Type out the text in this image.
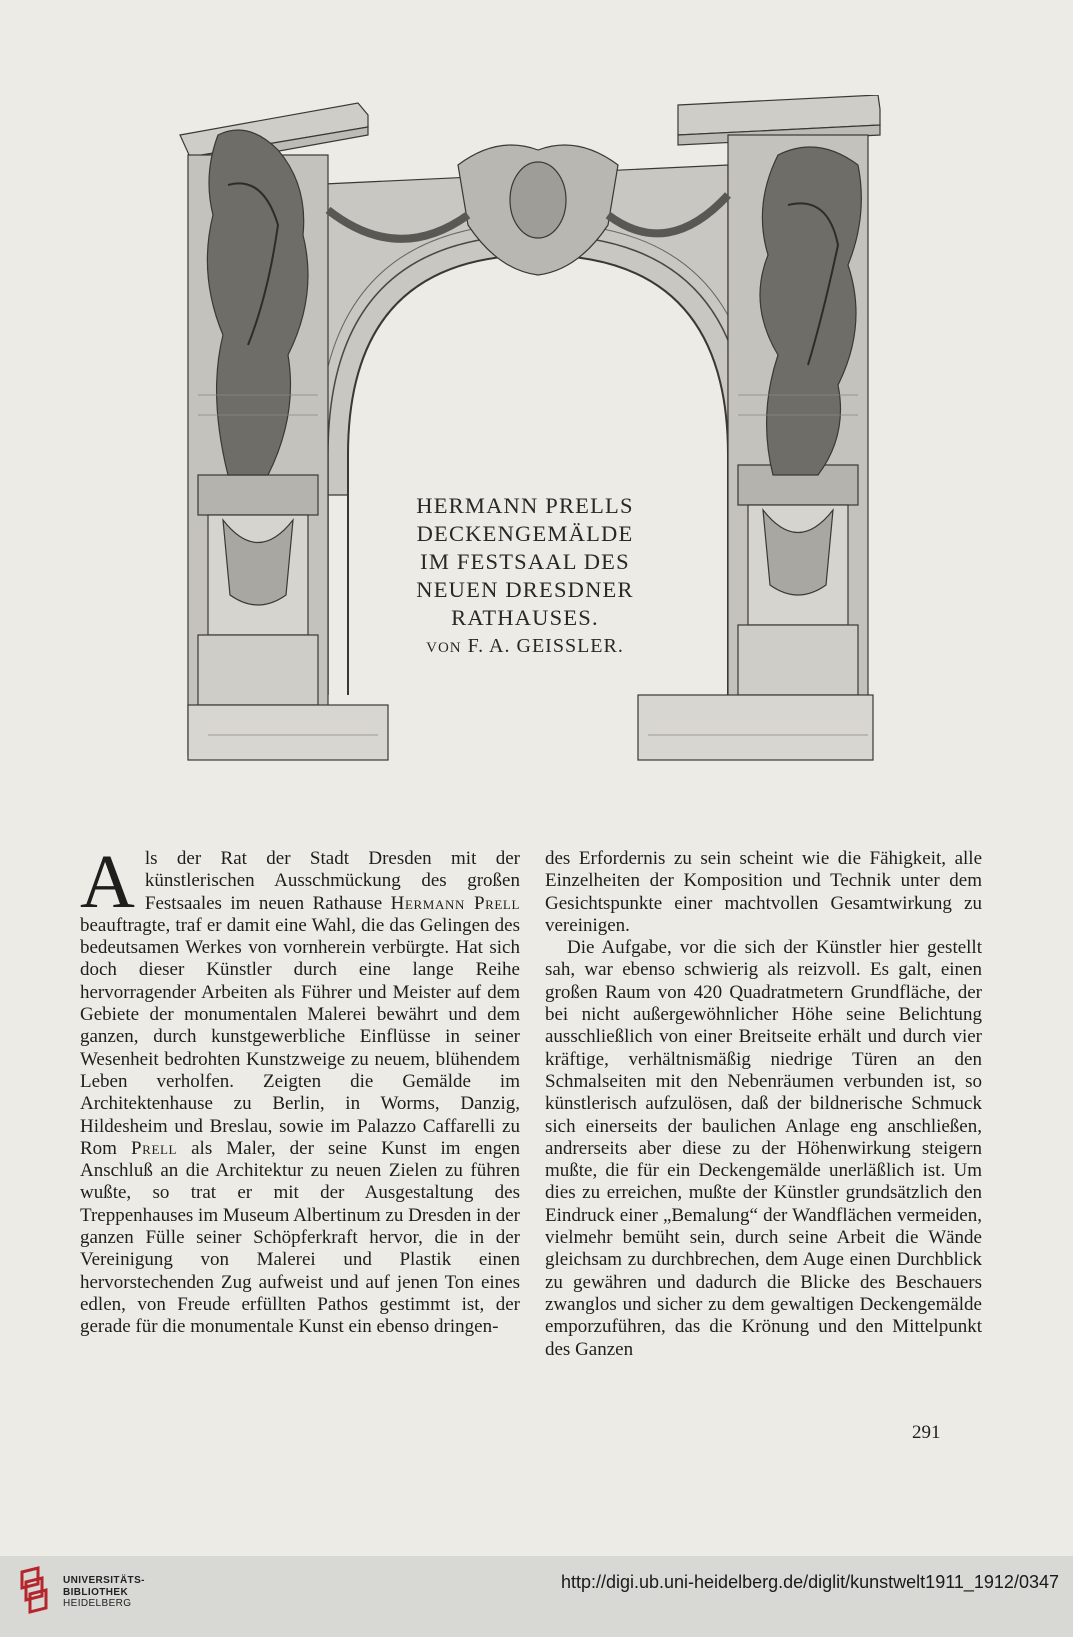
HERMANN PRELLS
DECKENGEMÄLDE
IM FESTSAAL DES
NEUEN DRESDNER
RATHAUSES.
VON F. A. GEISSLER.

Als der Rat der Stadt Dresden mit der künstlerischen Ausschmückung des großen Festsaales im neuen Rathause Hermann Prell beauftragte, traf er damit eine Wahl, die das Gelingen des bedeutsamen Werkes von vornherein verbürgte. Hat sich doch dieser Künstler durch eine lange Reihe hervorragender Arbeiten als Führer und Meister auf dem Gebiete der monumentalen Malerei bewährt und dem ganzen, durch kunstgewerbliche Einflüsse in seiner Wesenheit bedrohten Kunstzweige zu neuem, blühendem Leben verholfen. Zeigten die Gemälde im Architektenhause zu Berlin, in Worms, Danzig, Hildesheim und Breslau, sowie im Palazzo Caffarelli zu Rom Prell als Maler, der seine Kunst im engen Anschluß an die Architektur zu neuen Zielen zu führen wußte, so trat er mit der Ausgestaltung des Treppenhauses im Museum Albertinum zu Dresden in der ganzen Fülle seiner Schöpferkraft hervor, die in der Vereinigung von Malerei und Plastik einen hervorstechenden Zug aufweist und auf jenen Ton eines edlen, von Freude erfüllten Pathos gestimmt ist, der gerade für die monumentale Kunst ein ebenso dringen-

des Erfordernis zu sein scheint wie die Fähigkeit, alle Einzelheiten der Komposition und Technik unter dem Gesichtspunkte einer machtvollen Gesamtwirkung zu vereinigen.

Die Aufgabe, vor die sich der Künstler hier gestellt sah, war ebenso schwierig als reizvoll. Es galt, einen großen Raum von 420 Quadratmetern Grundfläche, der bei nicht außergewöhnlicher Höhe seine Belichtung ausschließlich von einer Breitseite erhält und durch vier kräftige, verhältnismäßig niedrige Türen an den Schmalseiten mit den Nebenräumen verbunden ist, so künstlerisch aufzulösen, daß der bildnerische Schmuck sich einerseits der baulichen Anlage eng anschließen, andrerseits aber diese zu der Höhenwirkung steigern mußte, die für ein Deckengemälde unerläßlich ist. Um dies zu erreichen, mußte der Künstler grundsätzlich den Eindruck einer „Bemalung“ der Wandflächen vermeiden, vielmehr bemüht sein, durch seine Arbeit die Wände gleichsam zu durchbrechen, dem Auge einen Durchblick zu gewähren und dadurch die Blicke des Beschauers zwanglos und sicher zu dem gewaltigen Deckengemälde emporzuführen, das die Krönung und den Mittelpunkt des Ganzen

291
UNIVERSITÄTS-
BIBLIOTHEK
HEIDELBERG
http://digi.ub.uni-heidelberg.de/diglit/kunstwelt1911_1912/0347
